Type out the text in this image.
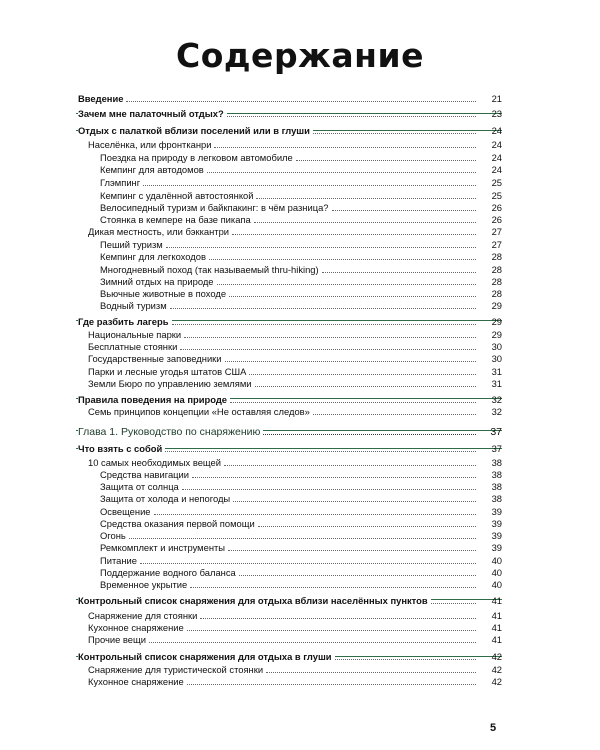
Содержание
Введение	21
Зачем мне палаточный отдых?	23
Отдых с палаткой вблизи поселений или в глуши	24
Населёнка, или фронтканри	24
Поездка на природу в легковом автомобиле	24
Кемпинг для автодомов	24
Глэмпинг	25
Кемпинг с удалённой автостоянкой	25
Велосипедный туризм и байкпакинг: в чём разница?	26
Стоянка в кемпере на базе пикапа	26
Дикая местность, или бэккантри	27
Пеший туризм	27
Кемпинг для легкоходов	28
Многодневный поход (так называемый thru-hiking)	28
Зимний отдых на природе	28
Вьючные животные в походе	28
Водный туризм	29
Где разбить лагерь	29
Национальные парки	29
Бесплатные стоянки	30
Государственные заповедники	30
Парки и лесные угодья штатов США	31
Земли Бюро по управлению землями	31
Правила поведения на природе	32
Семь принципов концепции «Не оставляя следов»	32
Глава 1. Руководство по снаряжению	37
Что взять с собой	37
10 самых необходимых вещей	38
Средства навигации	38
Защита от солнца	38
Защита от холода и непогоды	38
Освещение	39
Средства оказания первой помощи	39
Огонь	39
Ремкомплект и инструменты	39
Питание	40
Поддержание водного баланса	40
Временное укрытие	40
Контрольный список снаряжения для отдыха вблизи населённых пунктов	41
Снаряжение для стоянки	41
Кухонное снаряжение	41
Прочие вещи	41
Контрольный список снаряжения для отдыха в глуши	42
Снаряжение для туристической стоянки	42
Кухонное снаряжение	42
5
